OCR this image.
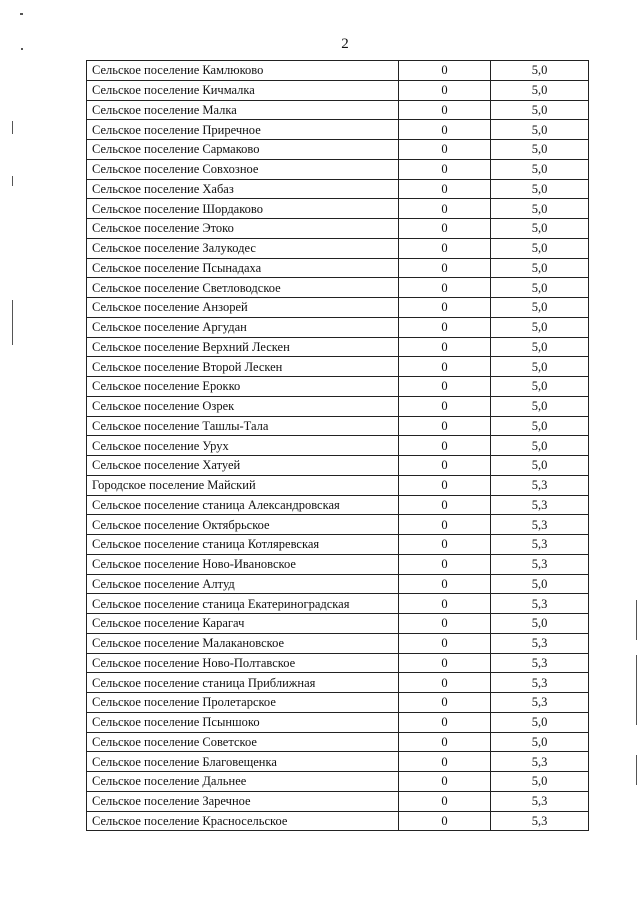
2
Сельское поселение Камлюково	0	5,0
Сельское поселение Кичмалка	0	5,0
Сельское поселение Малка	0	5,0
Сельское поселение Приречное	0	5,0
Сельское поселение Сармаково	0	5,0
Сельское поселение Совхозное	0	5,0
Сельское поселение Хабаз	0	5,0
Сельское поселение Шордаково	0	5,0
Сельское поселение Этоко	0	5,0
Сельское поселение Залукодес	0	5,0
Сельское поселение Псынадаха	0	5,0
Сельское поселение Светловодское	0	5,0
Сельское поселение Анзорей	0	5,0
Сельское поселение Аргудан	0	5,0
Сельское поселение Верхний Лескен	0	5,0
Сельское поселение Второй Лескен	0	5,0
Сельское поселение Ерокко	0	5,0
Сельское поселение Озрек	0	5,0
Сельское поселение Ташлы-Тала	0	5,0
Сельское поселение Урух	0	5,0
Сельское поселение Хатуей	0	5,0
Городское поселение Майский	0	5,3
Сельское поселение станица Александровская	0	5,3
Сельское поселение Октябрьское	0	5,3
Сельское поселение станица Котляревская	0	5,3
Сельское поселение Ново-Ивановское	0	5,3
Сельское поселение Алтуд	0	5,0
Сельское поселение станица Екатериноградская	0	5,3
Сельское поселение Карагач	0	5,0
Сельское поселение Малакановское	0	5,3
Сельское поселение Ново-Полтавское	0	5,3
Сельское поселение станица Приближная	0	5,3
Сельское поселение Пролетарское	0	5,3
Сельское поселение Псыншоко	0	5,0
Сельское поселение Советское	0	5,0
Сельское поселение Благовещенка	0	5,3
Сельское поселение Дальнее	0	5,0
Сельское поселение Заречное	0	5,3
Сельское поселение Красносельское	0	5,3
